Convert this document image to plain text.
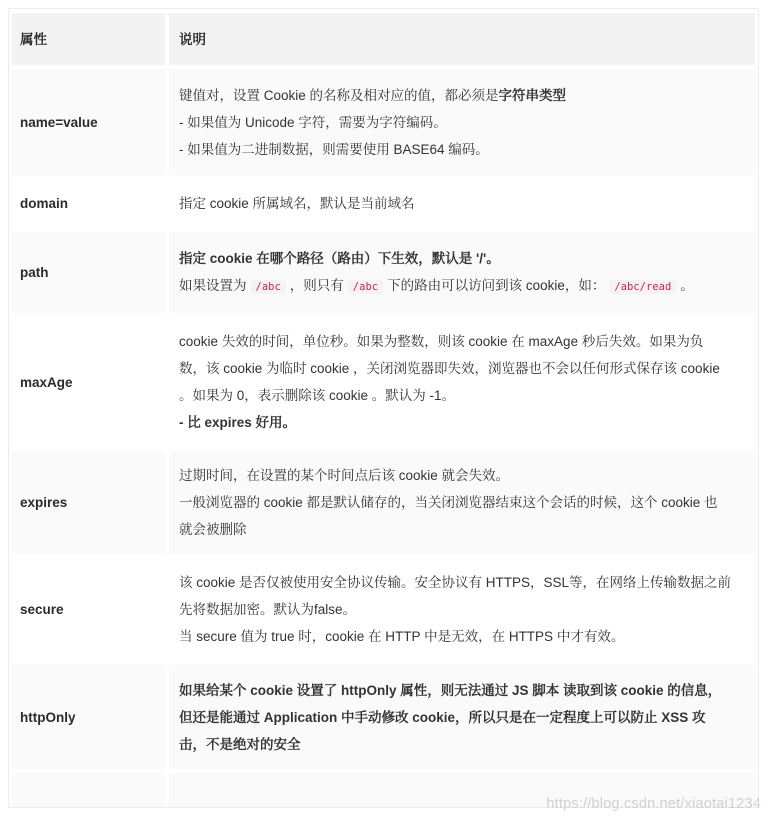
属性	说明
name=value
键值对，设置 Cookie 的名称及相对应的值，都必须是字符串类型
- 如果值为 Unicode 字符，需要为字符编码。
- 如果值为二进制数据，则需要使用 BASE64 编码。
domain	指定 cookie 所属域名，默认是当前域名
path
指定 cookie 在哪个路径（路由）下生效，默认是 '/'。
如果设置为 /abc ，则只有 /abc 下的路由可以访问到该 cookie，如： /abc/read 。
maxAge
cookie 失效的时间，单位秒。如果为整数，则该 cookie 在 maxAge 秒后失效。如果为负
数，该 cookie 为临时 cookie ，关闭浏览器即失效，浏览器也不会以任何形式保存该 cookie
。如果为 0，表示删除该 cookie 。默认为 -1。
- 比 expires 好用。
expires
过期时间，在设置的某个时间点后该 cookie 就会失效。
一般浏览器的 cookie 都是默认储存的，当关闭浏览器结束这个会话的时候，这个 cookie 也
就会被删除
secure
该 cookie 是否仅被使用安全协议传输。安全协议有 HTTPS，SSL等，在网络上传输数据之前
先将数据加密。默认为false。
当 secure 值为 true 时，cookie 在 HTTP 中是无效，在 HTTPS 中才有效。
httpOnly
如果给某个 cookie 设置了 httpOnly 属性，则无法通过 JS 脚本 读取到该 cookie 的信息，
但还是能通过 Application 中手动修改 cookie，所以只是在一定程度上可以防止 XSS 攻
击，不是绝对的安全
https://blog.csdn.net/xiaotai1234
